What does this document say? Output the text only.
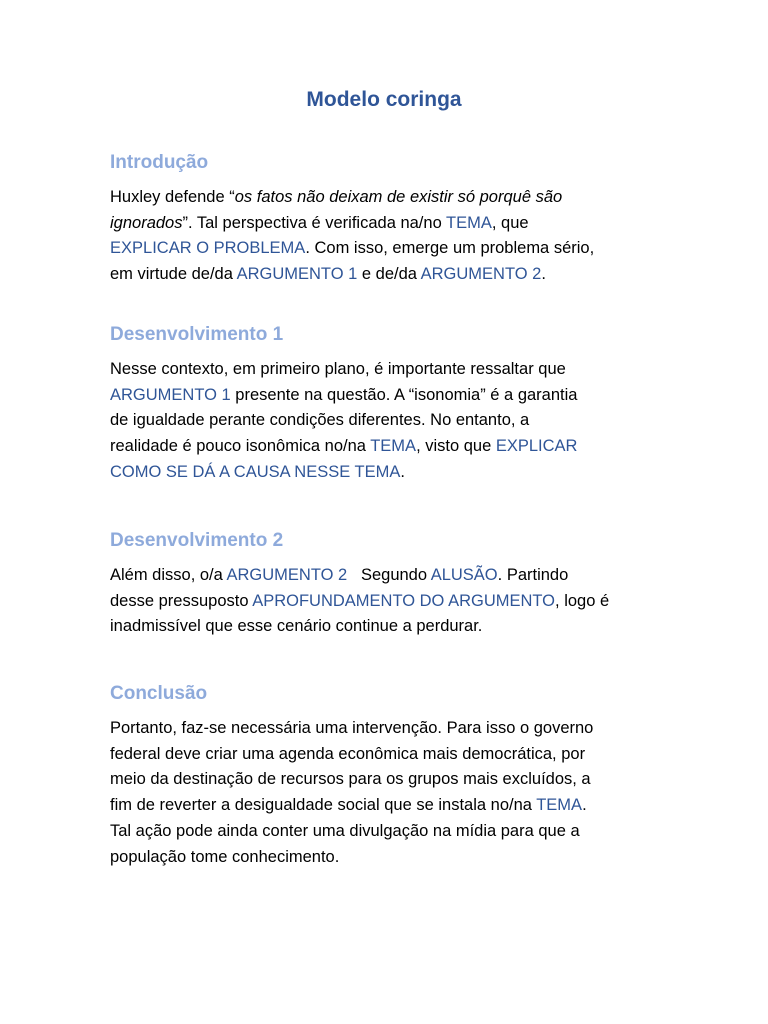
Modelo coringa
Introdução

Huxley defende “os fatos não deixam de existir só porquê são
ignorados”. Tal perspectiva é verificada na/no TEMA, que
EXPLICAR O PROBLEMA. Com isso, emerge um problema sério,
em virtude de/da ARGUMENTO 1 e de/da ARGUMENTO 2.

Desenvolvimento 1

Nesse contexto, em primeiro plano, é importante ressaltar que
ARGUMENTO 1 presente na questão. A “isonomia” é a garantia
de igualdade perante condições diferentes. No entanto, a
realidade é pouco isonômica no/na TEMA, visto que EXPLICAR
COMO SE DÁ A CAUSA NESSE TEMA.

Desenvolvimento 2

Além disso, o/a ARGUMENTO 2   Segundo ALUSÃO. Partindo
desse pressuposto APROFUNDAMENTO DO ARGUMENTO, logo é
inadmissível que esse cenário continue a perdurar.

Conclusão

Portanto, faz-se necessária uma intervenção. Para isso o governo
federal deve criar uma agenda econômica mais democrática, por
meio da destinação de recursos para os grupos mais excluídos, a
fim de reverter a desigualdade social que se instala no/na TEMA.
Tal ação pode ainda conter uma divulgação na mídia para que a
população tome conhecimento.
